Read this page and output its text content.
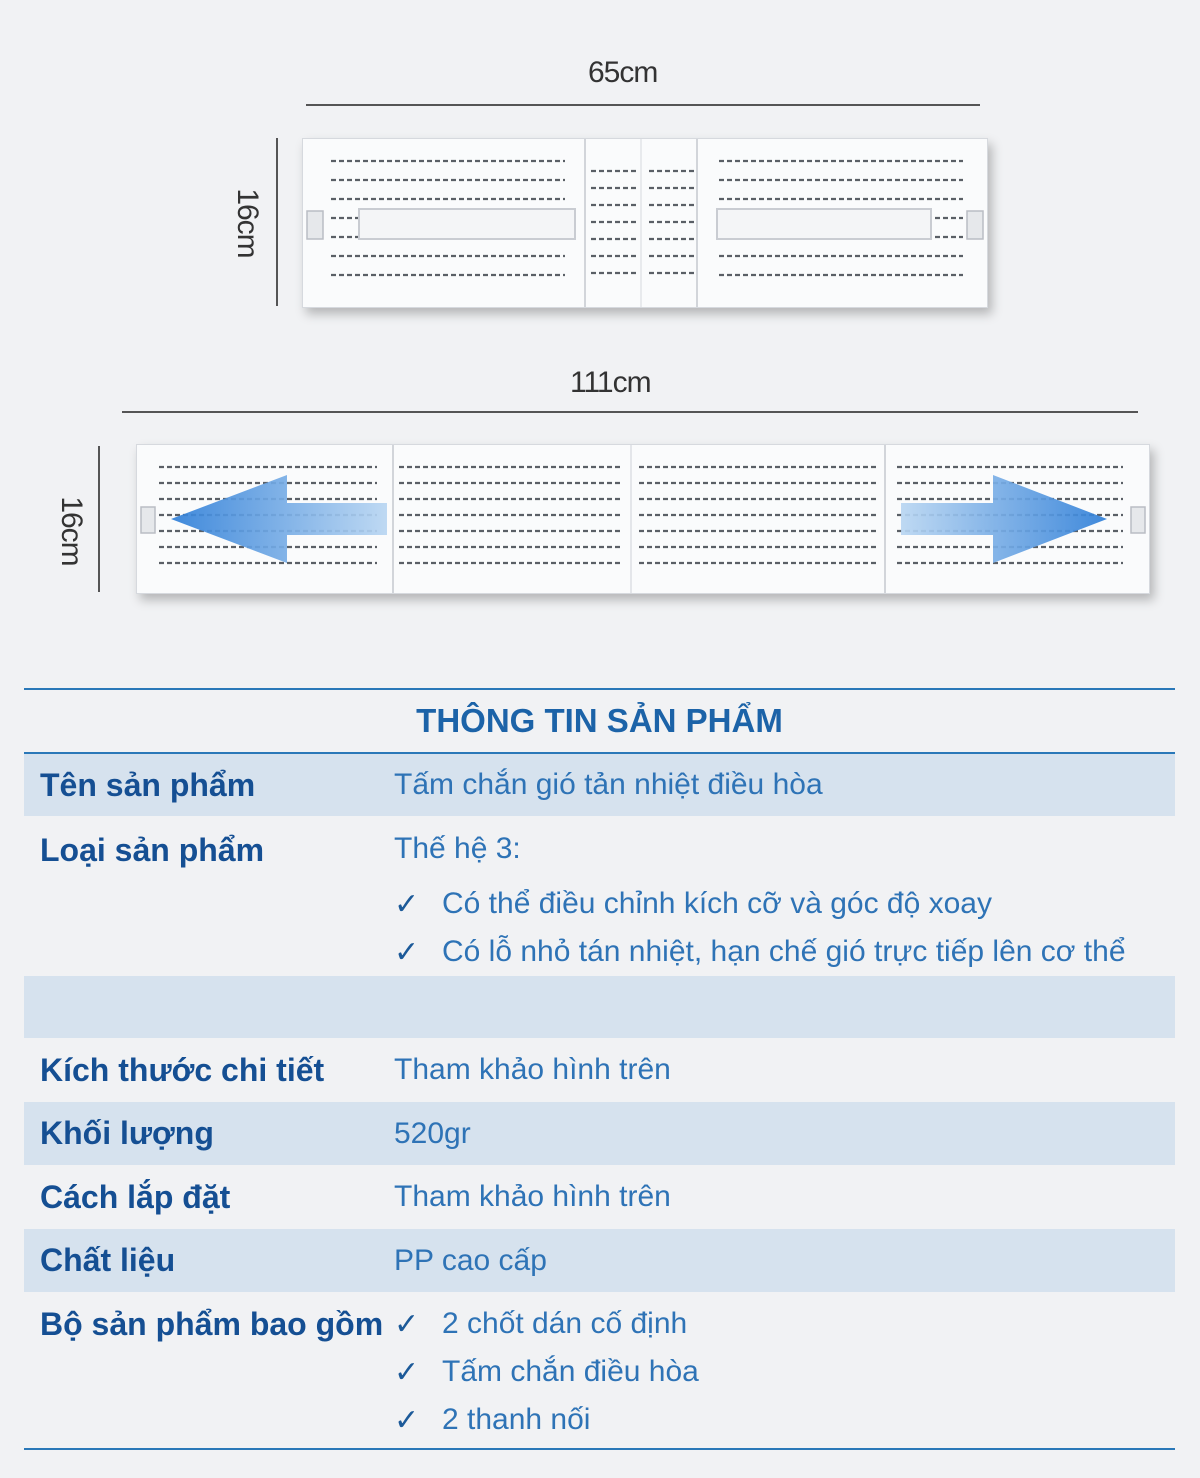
65cm
16cm
111cm
16cm
THÔNG TIN SẢN PHẨM
Tên sản phẩm	Tấm chắn gió tản nhiệt điều hòa
Loại sản phẩm	Thế hệ 3:
✓ Có thể điều chỉnh kích cỡ và góc độ xoay
✓ Có lỗ nhỏ tán nhiệt, hạn chế gió trực tiếp lên cơ thể
Kích thước chi tiết	Tham khảo hình trên
Khối lượng	520gr
Cách lắp đặt	Tham khảo hình trên
Chất liệu	PP cao cấp
Bộ sản phẩm bao gồm ✓ 2 chốt dán cố định
✓ Tấm chắn điều hòa
✓ 2 thanh nối
